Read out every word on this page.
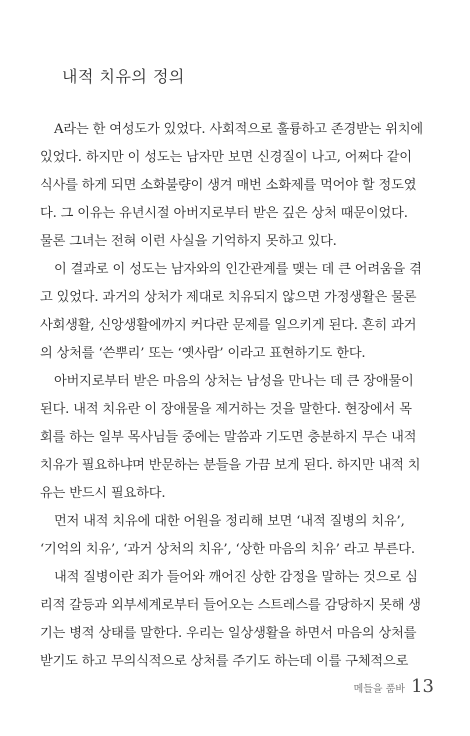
내적 치유의 정의
A라는 한 여성도가 있었다. 사회적으로 훌륭하고 존경받는 위치에
있었다. 하지만 이 성도는 남자만 보면 신경질이 나고, 어쩌다 같이
식사를 하게 되면 소화불량이 생겨 매번 소화제를 먹어야 할 정도였
다. 그 이유는 유년시절 아버지로부터 받은 깊은 상처 때문이었다.
물론 그녀는 전혀 이런 사실을 기억하지 못하고 있다.
이 결과로 이 성도는 남자와의 인간관계를 맺는 데 큰 어려움을 겪
고 있었다. 과거의 상처가 제대로 치유되지 않으면 가정생활은 물론
사회생활, 신앙생활에까지 커다란 문제를 일으키게 된다. 흔히 과거
의 상처를 ‘쓴뿌리’ 또는 ‘옛사람’ 이라고 표현하기도 한다.
아버지로부터 받은 마음의 상처는 남성을 만나는 데 큰 장애물이
된다. 내적 치유란 이 장애물을 제거하는 것을 말한다. 현장에서 목
회를 하는 일부 목사님들 중에는 말씀과 기도면 충분하지 무슨 내적
치유가 필요하냐며 반문하는 분들을 가끔 보게 된다. 하지만 내적 치
유는 반드시 필요하다.
먼저 내적 치유에 대한 어원을 정리해 보면 ‘내적 질병의 치유’,
‘기억의 치유’, ‘과거 상처의 치유’, ‘상한 마음의 치유’ 라고 부른다.
내적 질병이란 죄가 들어와 깨어진 상한 감정을 말하는 것으로 심
리적 갈등과 외부세계로부터 들어오는 스트레스를 감당하지 못해 생
기는 병적 상태를 말한다. 우리는 일상생활을 하면서 마음의 상처를
받기도 하고 무의식적으로 상처를 주기도 하는데 이를 구체적으로
메들을 품바 13
